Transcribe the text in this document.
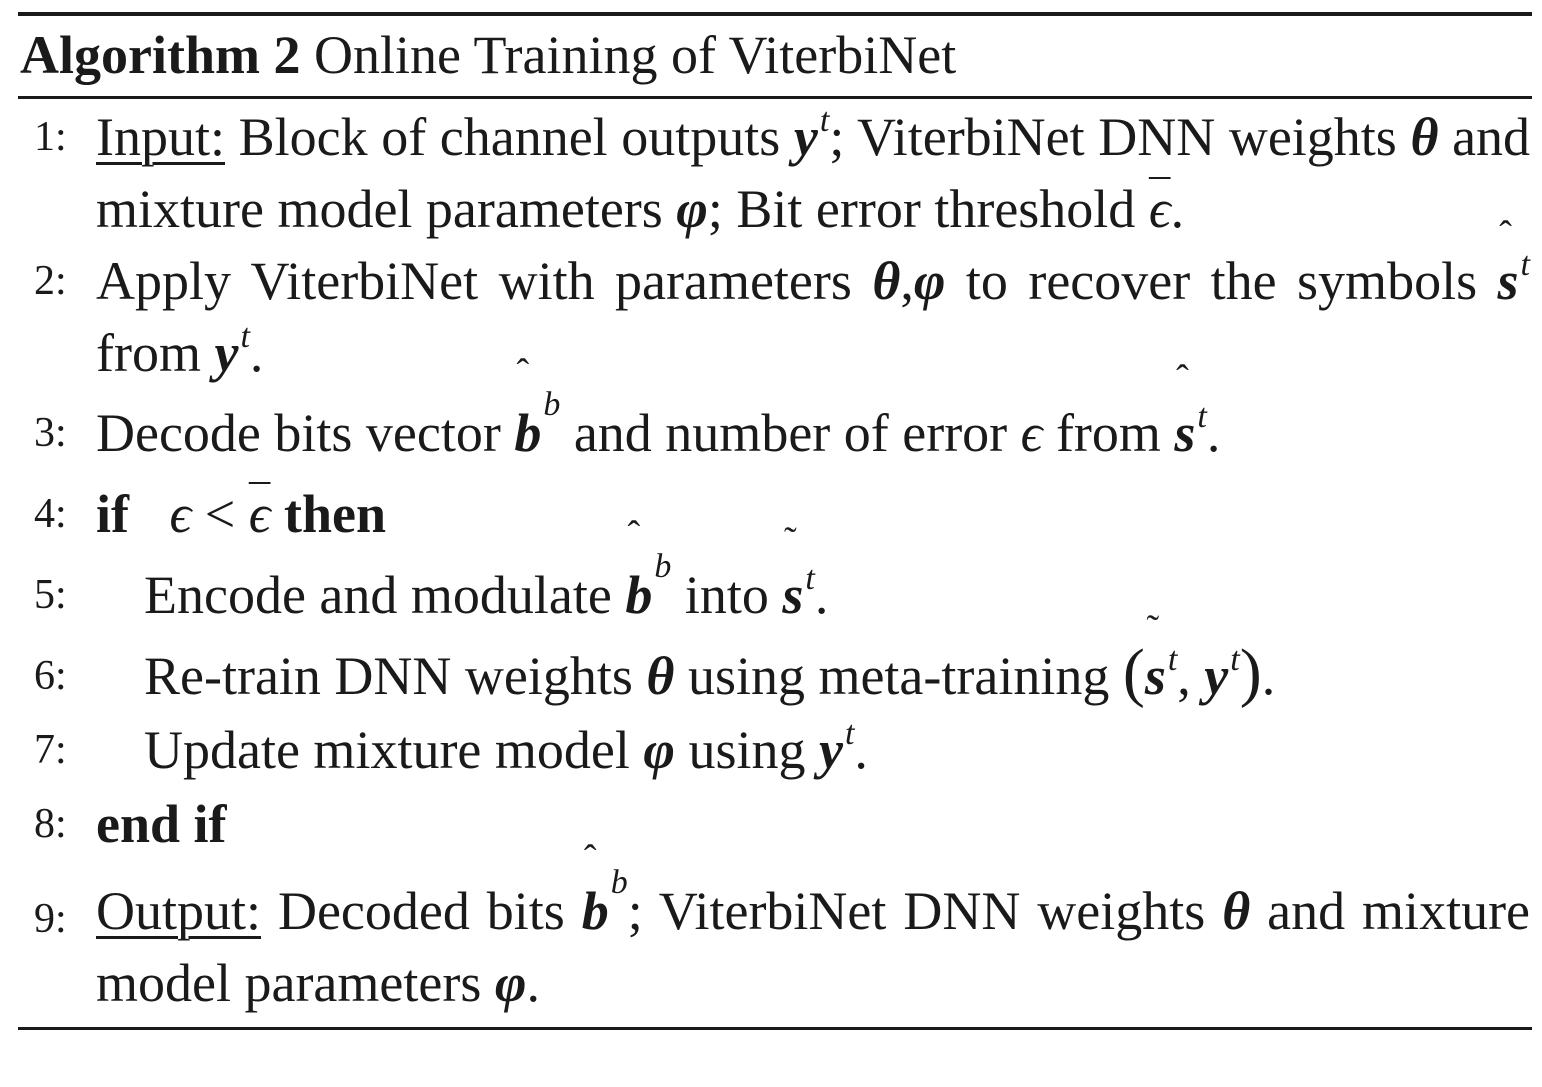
Algorithm 2 Online Training of ViterbiNet
1: Input: Block of channel outputs $y^t$; ViterbiNet DNN weights θ and mixture model parameters φ; Bit error threshold $\overline{\epsilon}$.
2: Apply ViterbiNet with parameters θ,φ to recover the symbols
ˆ
$s^t$ from $y^t$.
3: Decode bits vector
ˆ
$b^b$ and number of error ϵ from
ˆ
$s^t$.
4: if $\epsilon < \overline{\epsilon}$ then
5: Encode and modulate
ˆ
$b^b$ into
˜
$s^t$.
6: Re-train DNN weights θ using meta-training (
˜
$s^t$, $y^t$).
7: Update mixture model φ using $y^t$.
8: end if
9: Output: Decoded bits
ˆ
$b^b$; ViterbiNet DNN weights θ and mixture model parameters φ.
